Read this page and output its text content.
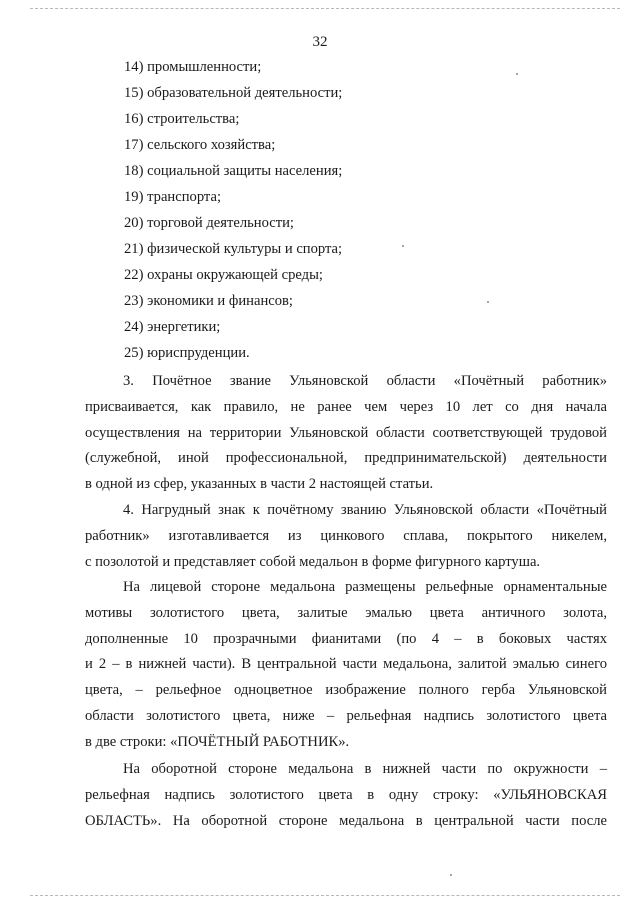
32
14) промышленности;
15) образовательной деятельности;
16) строительства;
17) сельского хозяйства;
18) социальной защиты населения;
19) транспорта;
20) торговой деятельности;
21) физической культуры и спорта;
22) охраны окружающей среды;
23) экономики и финансов;
24) энергетики;
25) юриспруденции.

3. Почётное звание Ульяновской области «Почётный работник»
присваивается, как правило, не ранее чем через 10 лет со дня начала
осуществления на территории Ульяновской области соответствующей трудовой
(служебной, иной профессиональной, предпринимательской) деятельности
в одной из сфер, указанных в части 2 настоящей статьи.

4. Нагрудный знак к почётному званию Ульяновской области «Почётный
работник» изготавливается из цинкового сплава, покрытого никелем,
с позолотой и представляет собой медальон в форме фигурного картуша.

На лицевой стороне медальона размещены рельефные орнаментальные
мотивы золотистого цвета, залитые эмалью цвета античного золота,
дополненные 10 прозрачными фианитами (по 4 – в боковых частях
и 2 – в нижней части). В центральной части медальона, залитой эмалью синего
цвета, – рельефное одноцветное изображение полного герба Ульяновской
области золотистого цвета, ниже – рельефная надпись золотистого цвета
в две строки: «ПОЧЁТНЫЙ РАБОТНИК».

На оборотной стороне медальона в нижней части по окружности –
рельефная надпись золотистого цвета в одну строку: «УЛЬЯНОВСКАЯ
ОБЛАСТЬ». На оборотной стороне медальона в центральной части после
